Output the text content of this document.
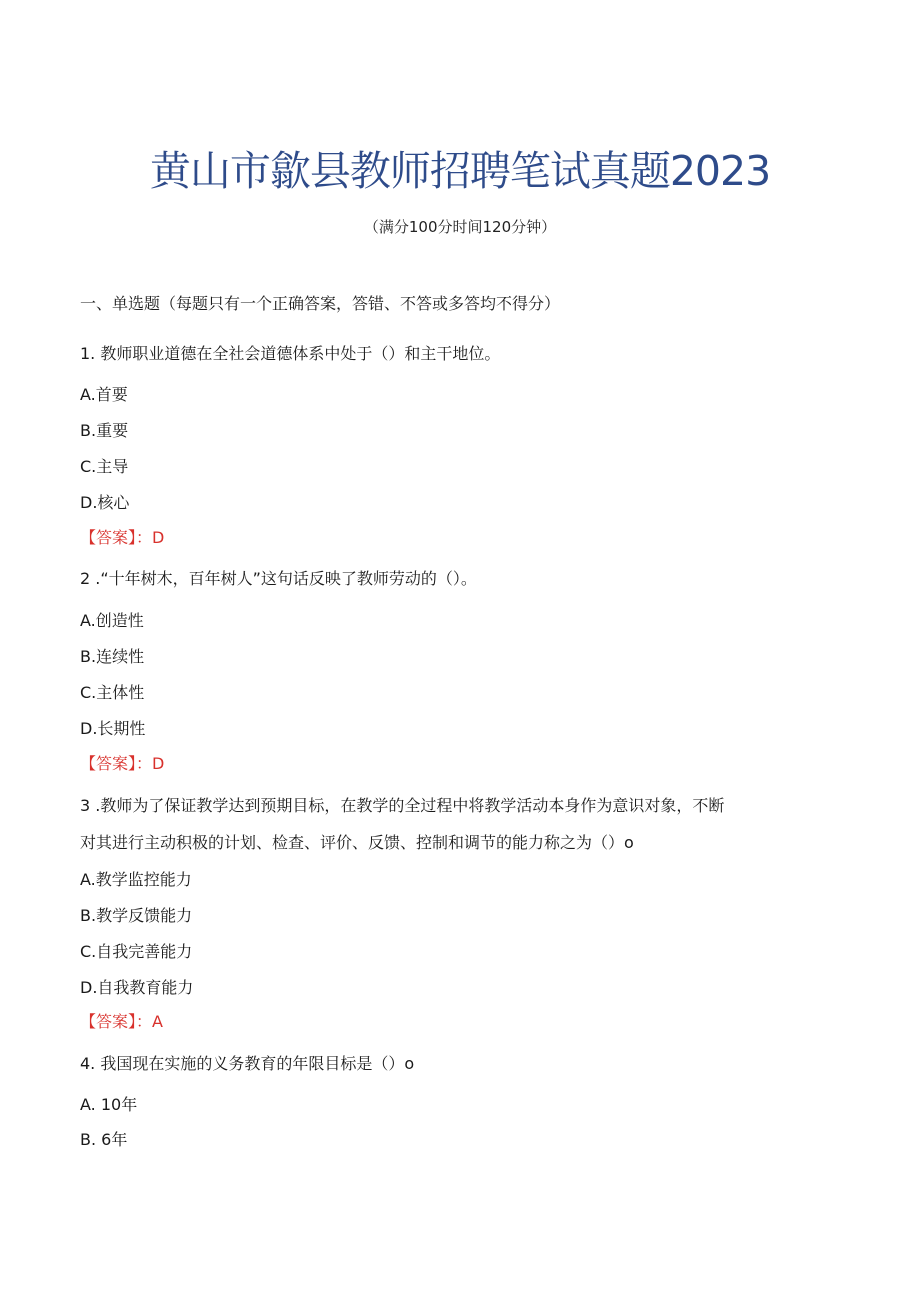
黄山市歙县教师招聘笔试真题2023
（满分100分时间120分钟）
一、单选题（每题只有一个正确答案，答错、不答或多答均不得分）
1. 教师职业道德在全社会道德体系中处于（）和主干地位。
A.首要
B.重要
C.主导
D.核心
【答案】：D
2 .“十年树木，百年树人”这句话反映了教师劳动的（）。
A.创造性
B.连续性
C.主体性
D.长期性
【答案】：D
3 .教师为了保证教学达到预期目标，在教学的全过程中将教学活动本身作为意识对象，不断
对其进行主动积极的计划、检查、评价、反馈、控制和调节的能力称之为（）o
A.教学监控能力
B.教学反馈能力
C.自我完善能力
D.自我教育能力
【答案】：A
4. 我国现在实施的义务教育的年限目标是（）o
A. 10年
B. 6年
